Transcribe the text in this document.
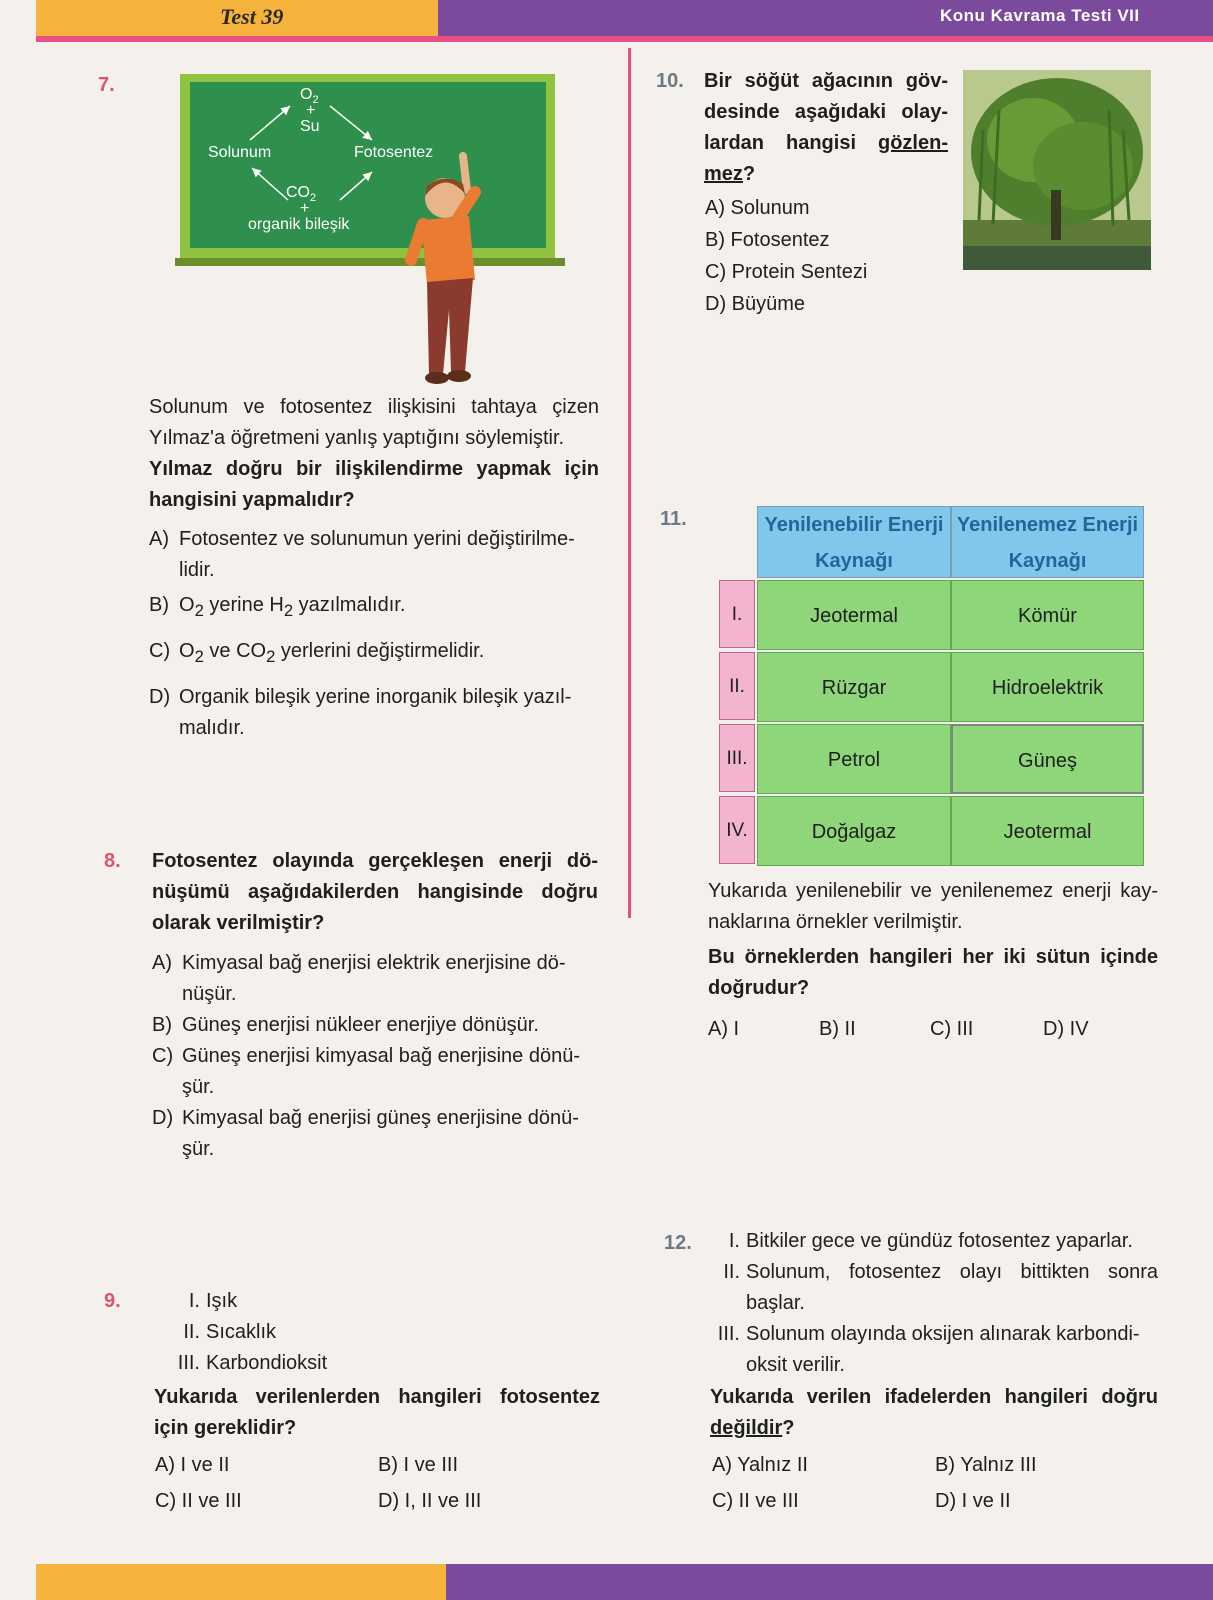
Test 39	Konu Kavrama Testi VII
7.	$O_2$
+
Su
Solunum	Fotosentez
$CO_2$
+
organik bileşik
Solunum ve fotosentez ilişkisini tahtaya çizen
Yılmaz'a öğretmeni yanlış yaptığını söylemiştir.
Yılmaz doğru bir ilişkilendirme yapmak için
hangisini yapmalıdır?
A) Fotosentez ve solunumun yerini değiştirilme-
lidir.
B) $O_2$ yerine $H_2$ yazılmalıdır.
C) $O_2$ ve $CO_2$ yerlerini değiştirmelidir.
D) Organik bileşik yerine inorganik bileşik yazıl-
malıdır.
8. Fotosentez olayında gerçekleşen enerji dö-
nüşümü aşağıdakilerden hangisinde doğru
olarak verilmiştir?
A) Kimyasal bağ enerjisi elektrik enerjisine dö-
nüşür.
B) Güneş enerjisi nükleer enerjiye dönüşür.
C) Güneş enerjisi kimyasal bağ enerjisine dönü-
şür.
D) Kimyasal bağ enerjisi güneş enerjisine dönü-
şür.
9.	I. Işık
II. Sıcaklık
III. Karbondioksit
Yukarıda verilenlerden hangileri fotosentez
için gereklidir?
A) I ve II	B) I ve III
C) II ve III	D) I, II ve III
10. Bir söğüt ağacının göv-
desinde aşağıdaki olay-
lardan hangisi gözlen-
mez?
A) Solunum
B) Fotosentez
C) Protein Sentezi
D) Büyüme
11.	Yenilenebilir Enerji
Kaynağı
Yenilenemez Enerji
Kaynağı
I.	Jeotermal	Kömür
II.	Rüzgar	Hidroelektrik
III.	Petrol	Güneş
IV.	Doğalgaz	Jeotermal
Yukarıda yenilenebilir ve yenilenemez enerji kay-
naklarına örnekler verilmiştir.
Bu örneklerden hangileri her iki sütun içinde
doğrudur?
A) I	B) II	C) III	D) IV
12.	I. Bitkiler gece ve gündüz fotosentez yaparlar.
II. Solunum, fotosentez olayı bittikten sonra
başlar.
III. Solunum olayında oksijen alınarak karbondi-
oksit verilir.
Yukarıda verilen ifadelerden hangileri doğru
değildir?
A) Yalnız II	B) Yalnız III
C) II ve III	D) I ve II
